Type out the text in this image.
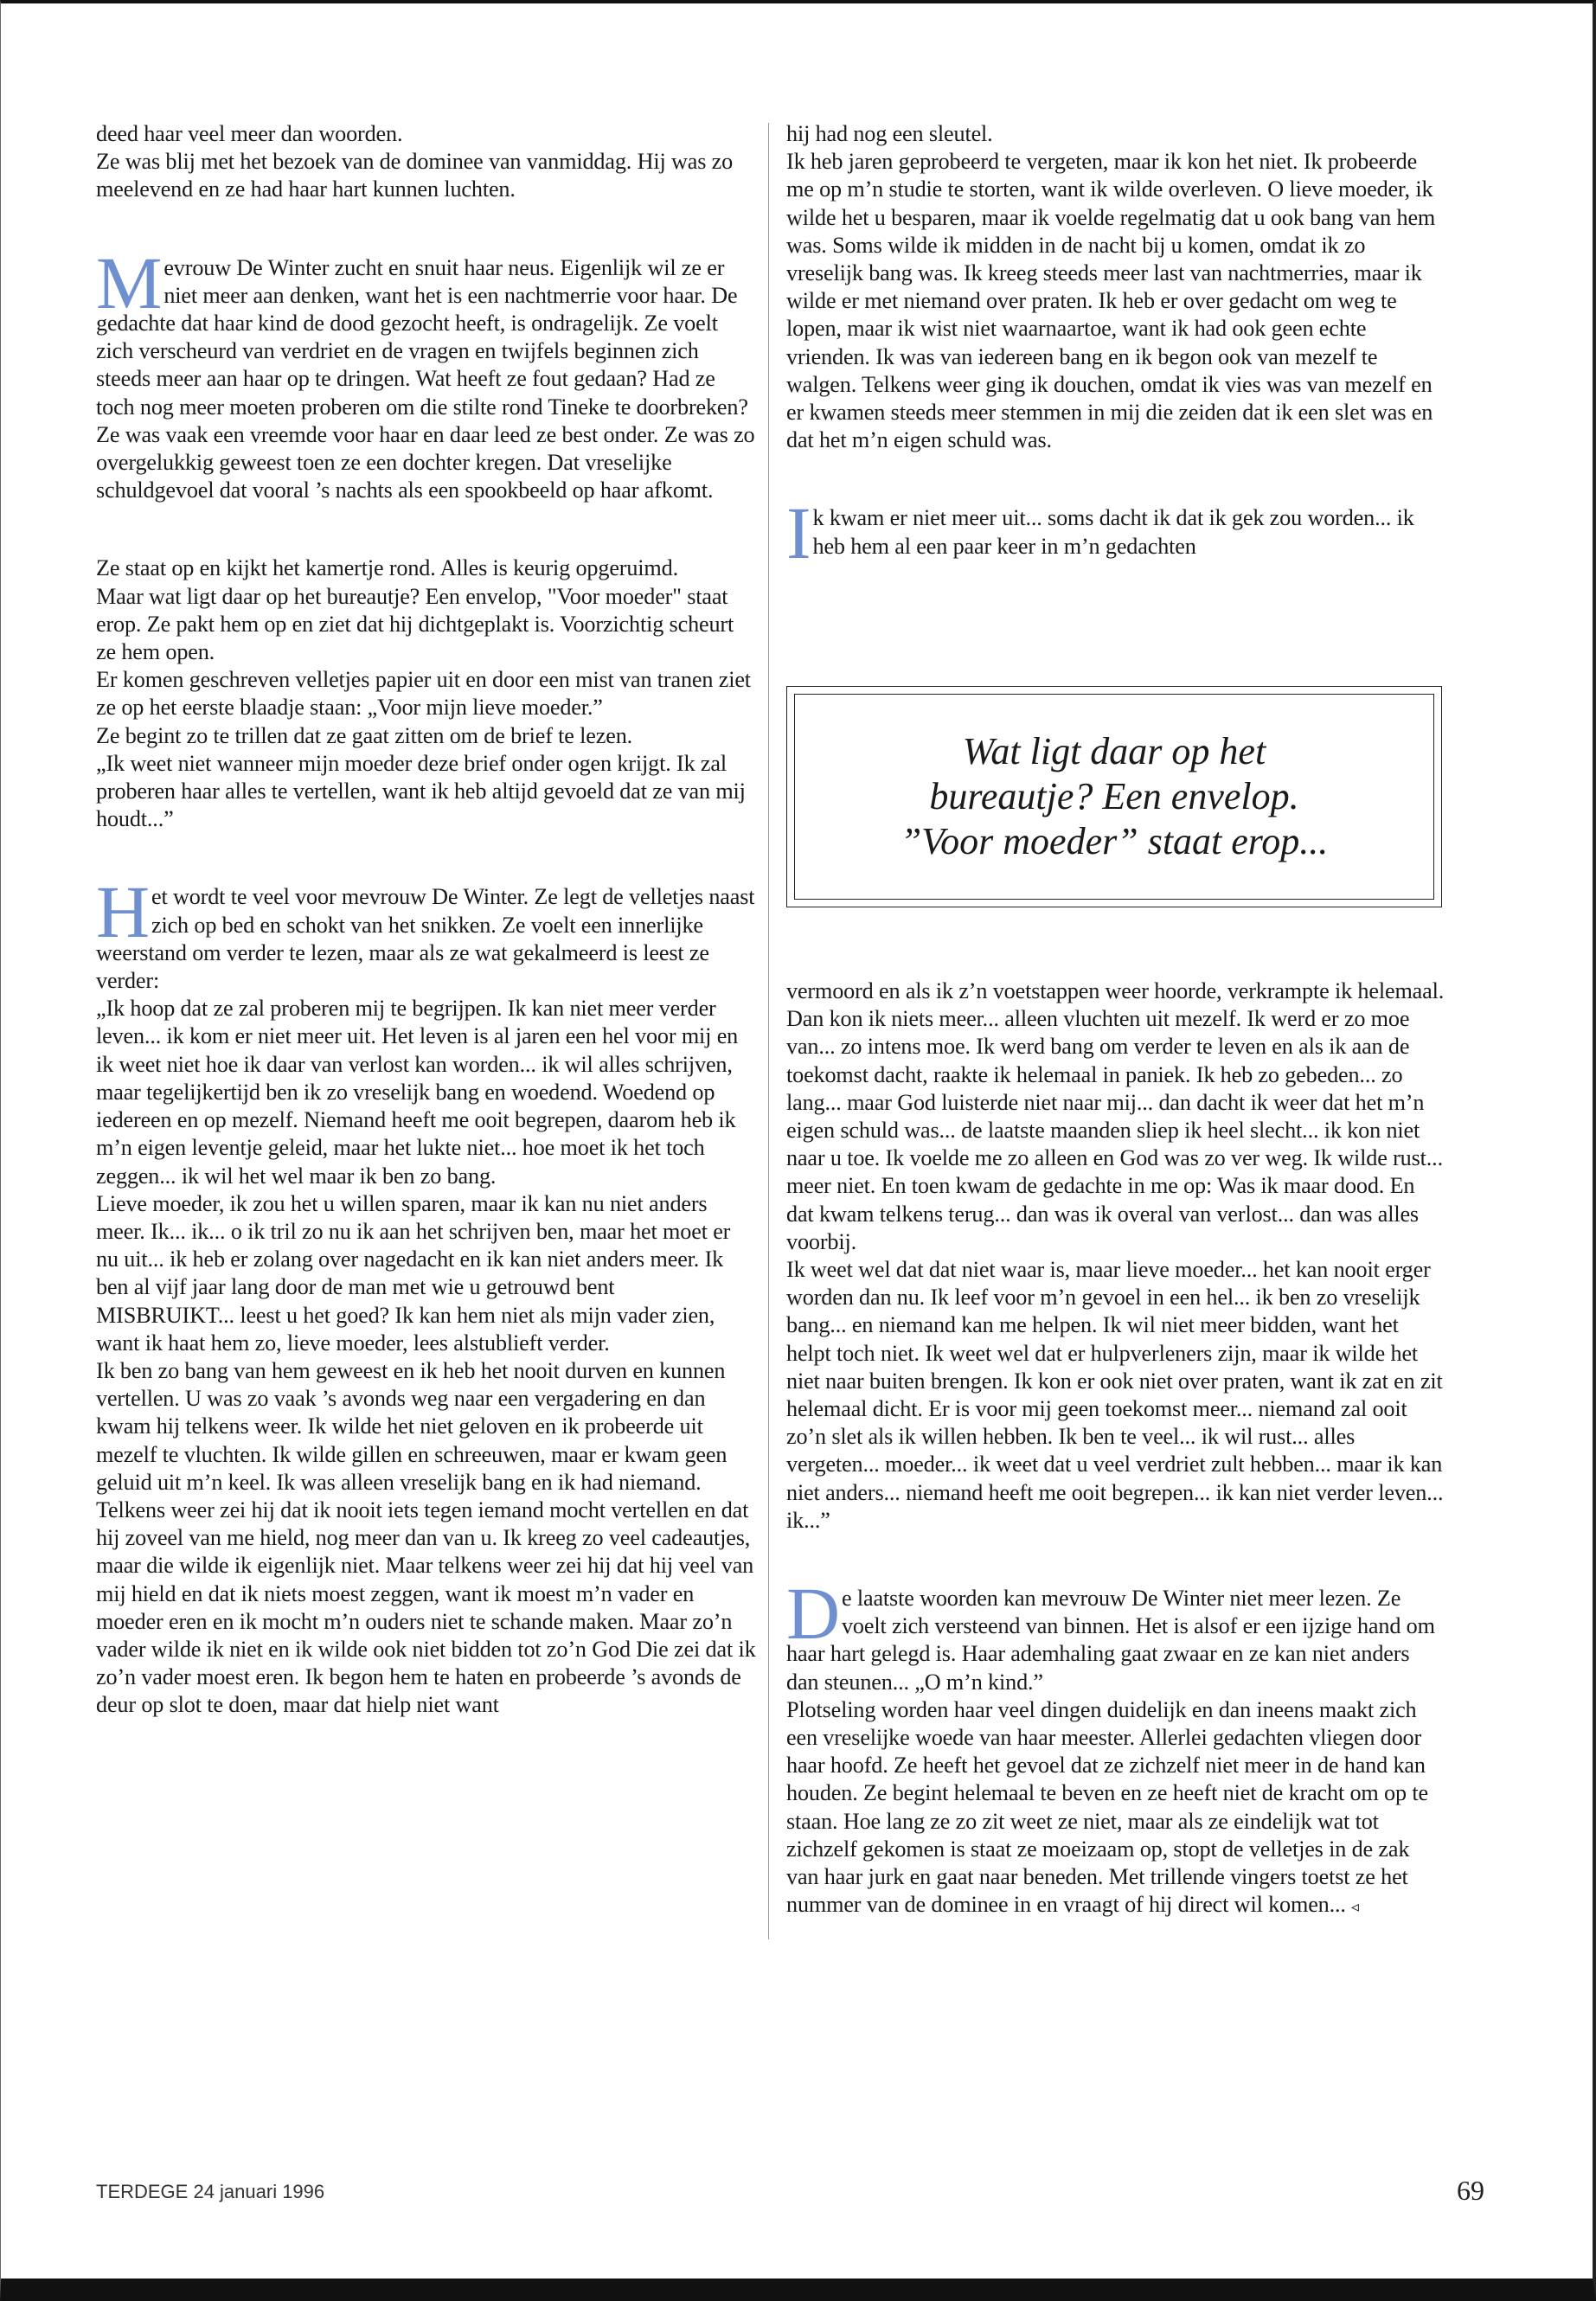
deed haar veel meer dan woorden.

Ze was blij met het bezoek van de dominee van vanmiddag. Hij was zo meelevend en ze had haar hart kunnen luchten.

Mevrouw De Winter zucht en snuit haar neus. Eigenlijk wil ze er niet meer aan denken, want het is een nachtmerrie voor haar. De gedachte dat haar kind de dood gezocht heeft, is ondragelijk. Ze voelt zich verscheurd van verdriet en de vragen en twijfels beginnen zich steeds meer aan haar op te dringen. Wat heeft ze fout gedaan? Had ze toch nog meer moeten proberen om die stilte rond Tineke te doorbreken? Ze was vaak een vreemde voor haar en daar leed ze best onder. Ze was zo overgelukkig geweest toen ze een dochter kregen. Dat vreselijke schuldgevoel dat vooral ’s nachts als een spookbeeld op haar afkomt.

Ze staat op en kijkt het kamertje rond. Alles is keurig opgeruimd.

Maar wat ligt daar op het bureautje? Een envelop, "Voor moeder" staat erop. Ze pakt hem op en ziet dat hij dichtgeplakt is. Voorzichtig scheurt ze hem open.

Er komen geschreven velletjes papier uit en door een mist van tranen ziet ze op het eerste blaadje staan: „Voor mijn lieve moeder.”

Ze begint zo te trillen dat ze gaat zitten om de brief te lezen.

„Ik weet niet wanneer mijn moeder deze brief onder ogen krijgt. Ik zal proberen haar alles te vertellen, want ik heb altijd gevoeld dat ze van mij houdt...”

Het wordt te veel voor mevrouw De Winter. Ze legt de velletjes naast zich op bed en schokt van het snikken. Ze voelt een innerlijke weerstand om verder te lezen, maar als ze wat gekalmeerd is leest ze verder:

„Ik hoop dat ze zal proberen mij te begrijpen. Ik kan niet meer verder leven... ik kom er niet meer uit. Het leven is al jaren een hel voor mij en ik weet niet hoe ik daar van verlost kan worden... ik wil alles schrijven, maar tegelijkertijd ben ik zo vreselijk bang en woedend. Woedend op iedereen en op mezelf. Niemand heeft me ooit begrepen, daarom heb ik m’n eigen leventje geleid, maar het lukte niet... hoe moet ik het toch zeggen... ik wil het wel maar ik ben zo bang.

Lieve moeder, ik zou het u willen sparen, maar ik kan nu niet anders meer. Ik... ik... o ik tril zo nu ik aan het schrijven ben, maar het moet er nu uit... ik heb er zolang over nagedacht en ik kan niet anders meer. Ik ben al vijf jaar lang door de man met wie u getrouwd bent MISBRUIKT... leest u het goed? Ik kan hem niet als mijn vader zien, want ik haat hem zo, lieve moeder, lees alstublieft verder.

Ik ben zo bang van hem geweest en ik heb het nooit durven en kunnen vertellen. U was zo vaak ’s avonds weg naar een vergadering en dan kwam hij telkens weer. Ik wilde het niet geloven en ik probeerde uit mezelf te vluchten. Ik wilde gillen en schreeuwen, maar er kwam geen geluid uit m’n keel. Ik was alleen vreselijk bang en ik had niemand. Telkens weer zei hij dat ik nooit iets tegen iemand mocht vertellen en dat hij zoveel van me hield, nog meer dan van u. Ik kreeg zo veel cadeautjes, maar die wilde ik eigenlijk niet. Maar telkens weer zei hij dat hij veel van mij hield en dat ik niets moest zeggen, want ik moest m’n vader en moeder eren en ik mocht m’n ouders niet te schande maken. Maar zo’n vader wilde ik niet en ik wilde ook niet bidden tot zo’n God Die zei dat ik zo’n vader moest eren. Ik begon hem te haten en probeerde ’s avonds de deur op slot te doen, maar dat hielp niet want

hij had nog een sleutel.

Ik heb jaren geprobeerd te vergeten, maar ik kon het niet. Ik probeerde me op m’n studie te storten, want ik wilde overleven. O lieve moeder, ik wilde het u besparen, maar ik voelde regelmatig dat u ook bang van hem was. Soms wilde ik midden in de nacht bij u komen, omdat ik zo vreselijk bang was. Ik kreeg steeds meer last van nachtmerries, maar ik wilde er met niemand over praten. Ik heb er over gedacht om weg te lopen, maar ik wist niet waarnaartoe, want ik had ook geen echte vrienden. Ik was van iedereen bang en ik begon ook van mezelf te walgen. Telkens weer ging ik douchen, omdat ik vies was van mezelf en er kwamen steeds meer stemmen in mij die zeiden dat ik een slet was en dat het m’n eigen schuld was.

Ik kwam er niet meer uit... soms dacht ik dat ik gek zou worden... ik heb hem al een paar keer in m’n gedachten

Wat ligt daar op het
bureautje? Een envelop.
”Voor moeder” staat erop...

vermoord en als ik z’n voetstappen weer hoorde, verkrampte ik helemaal. Dan kon ik niets meer... alleen vluchten uit mezelf. Ik werd er zo moe van... zo intens moe. Ik werd bang om verder te leven en als ik aan de toekomst dacht, raakte ik helemaal in paniek. Ik heb zo gebeden... zo lang... maar God luisterde niet naar mij... dan dacht ik weer dat het m’n eigen schuld was... de laatste maanden sliep ik heel slecht... ik kon niet naar u toe. Ik voelde me zo alleen en God was zo ver weg. Ik wilde rust... meer niet. En toen kwam de gedachte in me op: Was ik maar dood. En dat kwam telkens terug... dan was ik overal van verlost... dan was alles voorbij.

Ik weet wel dat dat niet waar is, maar lieve moeder... het kan nooit erger worden dan nu. Ik leef voor m’n gevoel in een hel... ik ben zo vreselijk bang... en niemand kan me helpen. Ik wil niet meer bidden, want het helpt toch niet. Ik weet wel dat er hulpverleners zijn, maar ik wilde het niet naar buiten brengen. Ik kon er ook niet over praten, want ik zat en zit helemaal dicht. Er is voor mij geen toekomst meer... niemand zal ooit zo’n slet als ik willen hebben. Ik ben te veel... ik wil rust... alles vergeten... moeder... ik weet dat u veel verdriet zult hebben... maar ik kan niet anders... niemand heeft me ooit begrepen... ik kan niet verder leven... ik...”

De laatste woorden kan mevrouw De Winter niet meer lezen. Ze voelt zich versteend van binnen. Het is alsof er een ijzige hand om haar hart gelegd is. Haar ademhaling gaat zwaar en ze kan niet anders dan steunen... „O m’n kind.”

Plotseling worden haar veel dingen duidelijk en dan ineens maakt zich een vreselijke woede van haar meester. Allerlei gedachten vliegen door haar hoofd. Ze heeft het gevoel dat ze zichzelf niet meer in de hand kan houden. Ze begint helemaal te beven en ze heeft niet de kracht om op te staan. Hoe lang ze zo zit weet ze niet, maar als ze eindelijk wat tot zichzelf gekomen is staat ze moeizaam op, stopt de velletjes in de zak van haar jurk en gaat naar beneden. Met trillende vingers toetst ze het nummer van de dominee in en vraagt of hij direct wil komen... ◃

TERDEGE 24 januari 1996	69
